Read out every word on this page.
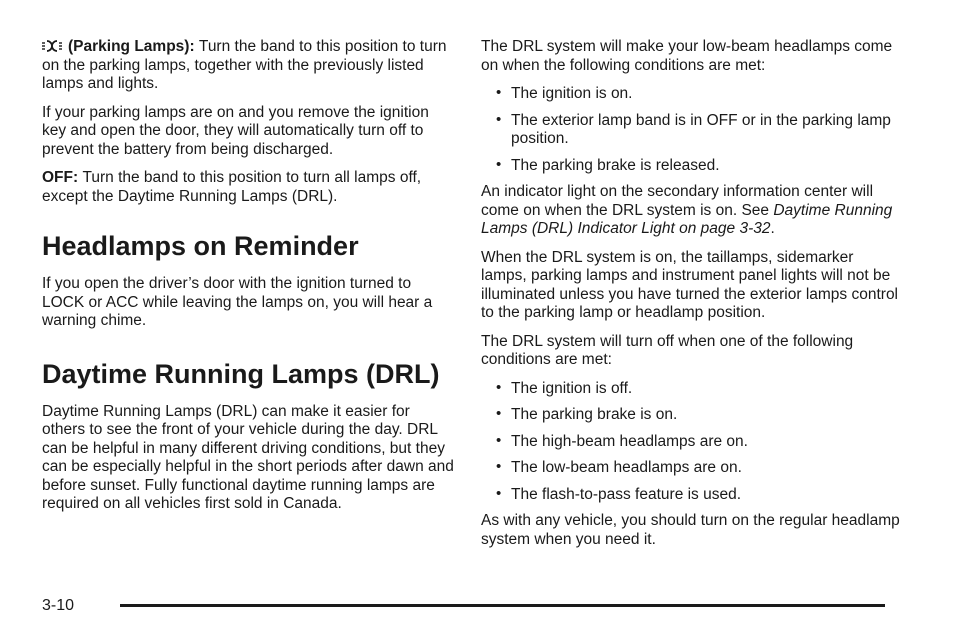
(Parking Lamps): Turn the band to this position to turn on the parking lamps, together with the previously listed lamps and lights.

If your parking lamps are on and you remove the ignition key and open the door, they will automatically turn off to prevent the battery from being discharged.

OFF: Turn the band to this position to turn all lamps off, except the Daytime Running Lamps (DRL).

Headlamps on Reminder

If you open the driver’s door with the ignition turned to LOCK or ACC while leaving the lamps on, you will hear a warning chime.

Daytime Running Lamps (DRL)

Daytime Running Lamps (DRL) can make it easier for others to see the front of your vehicle during the day. DRL can be helpful in many different driving conditions, but they can be especially helpful in the short periods after dawn and before sunset. Fully functional daytime running lamps are required on all vehicles first sold in Canada.

The DRL system will make your low-beam headlamps come on when the following conditions are met:

• The ignition is on.
• The exterior lamp band is in OFF or in the parking lamp position.
• The parking brake is released.

An indicator light on the secondary information center will come on when the DRL system is on. See Daytime Running Lamps (DRL) Indicator Light on page 3-32.

When the DRL system is on, the taillamps, sidemarker lamps, parking lamps and instrument panel lights will not be illuminated unless you have turned the exterior lamps control to the parking lamp or headlamp position.

The DRL system will turn off when one of the following conditions are met:

• The ignition is off.
• The parking brake is on.
• The high-beam headlamps are on.
• The low-beam headlamps are on.
• The flash-to-pass feature is used.

As with any vehicle, you should turn on the regular headlamp system when you need it.

3-10
